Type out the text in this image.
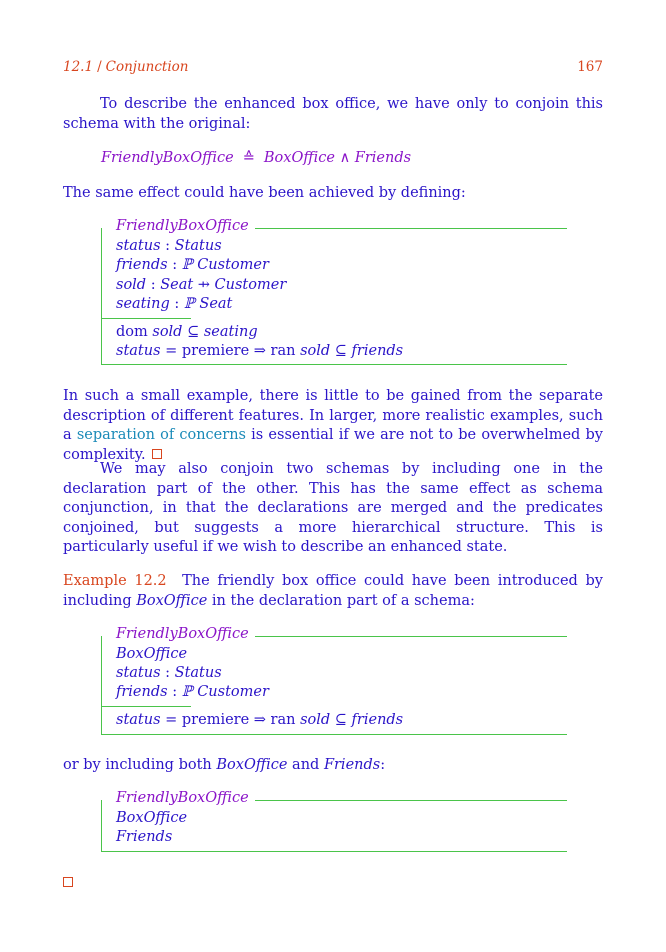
12.1 / Conjunction	167
To describe the enhanced box office, we have only to conjoin this schema with the original:
FriendlyBoxOffice ≙ BoxOffice ∧ Friends
The same effect could have been achieved by defining:
FriendlyBoxOffice
status : Status
friends : ℙ Customer
sold : Seat ⇸ Customer
seating : ℙ Seat
dom sold ⊆ seating
status = premiere ⇒ ran sold ⊆ friends
In such a small example, there is little to be gained from the separate description of different features. In larger, more realistic examples, such a separation of concerns is essential if we are not to be overwhelmed by complexity.
We may also conjoin two schemas by including one in the declaration part of the other. This has the same effect as schema conjunction, in that the declarations are merged and the predicates conjoined, but suggests a more hierarchical structure. This is particularly useful if we wish to describe an enhanced state.
Example 12.2 The friendly box office could have been introduced by including BoxOffice in the declaration part of a schema:
FriendlyBoxOffice
BoxOffice
status : Status
friends : ℙ Customer
status = premiere ⇒ ran sold ⊆ friends
or by including both BoxOffice and Friends:
FriendlyBoxOffice
BoxOffice
Friends
